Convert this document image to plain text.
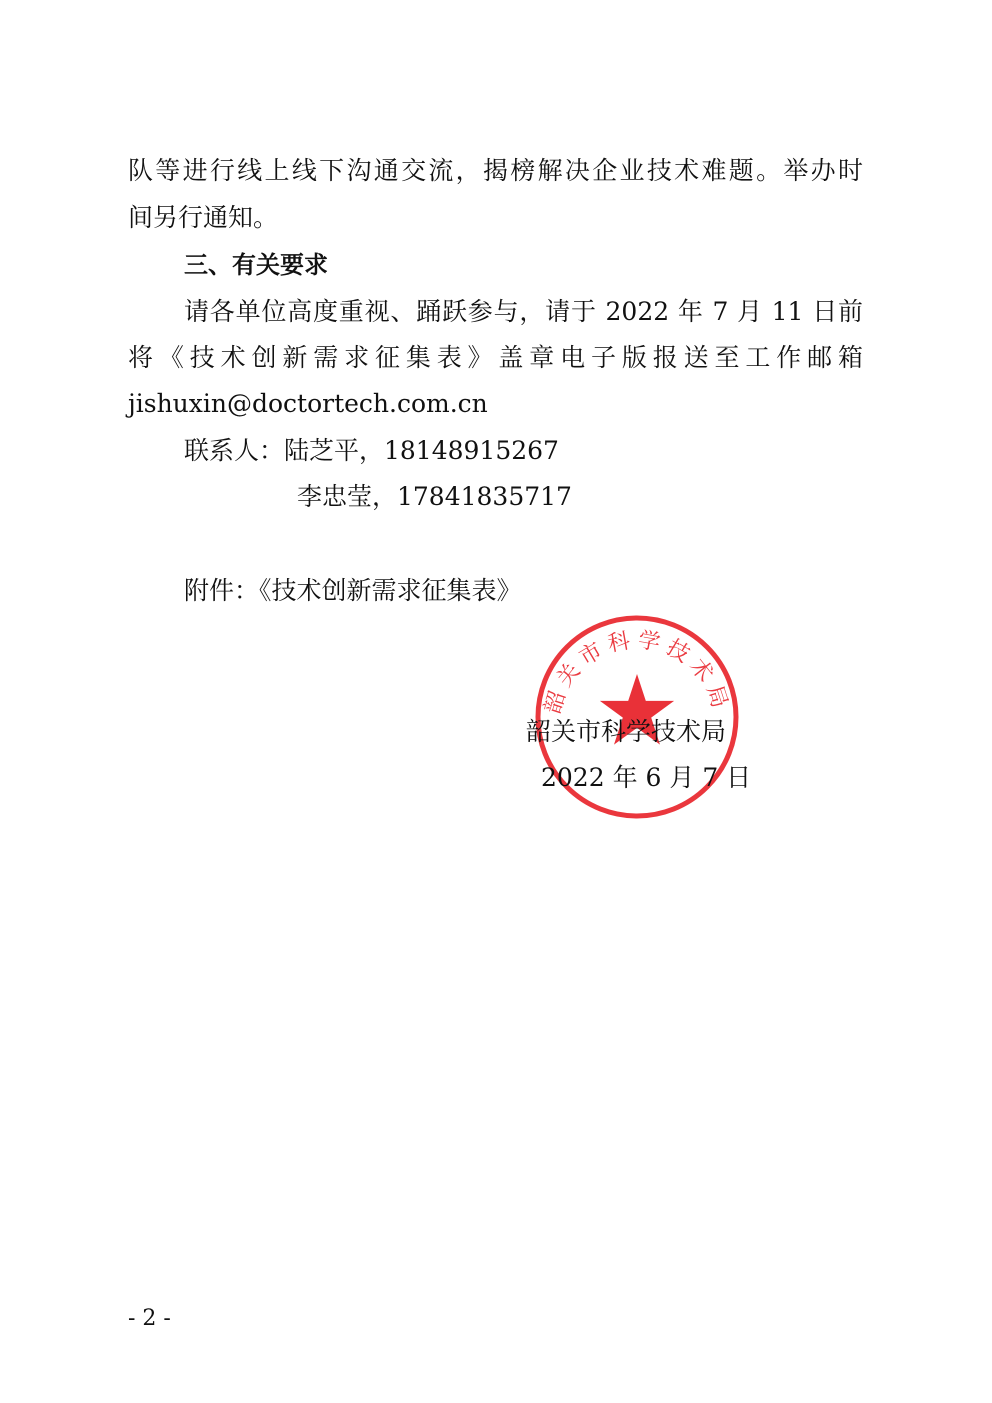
队等进行线上线下沟通交流，揭榜解决企业技术难题。举办时
间另行通知。
三、有关要求
请各单位高度重视、踊跃参与，请于 2022 年 7 月 11 日前
将《技术创新需求征集表》盖章电子版报送至工作邮箱
jishuxin@doctortech.com.cn
联系人：陆芝平，18148915267
李忠莹，17841835717
附件：《技术创新需求征集表》
韶关市科学技术局
韶关市科学技术局
2022 年 6 月 7 日
- 2 -
